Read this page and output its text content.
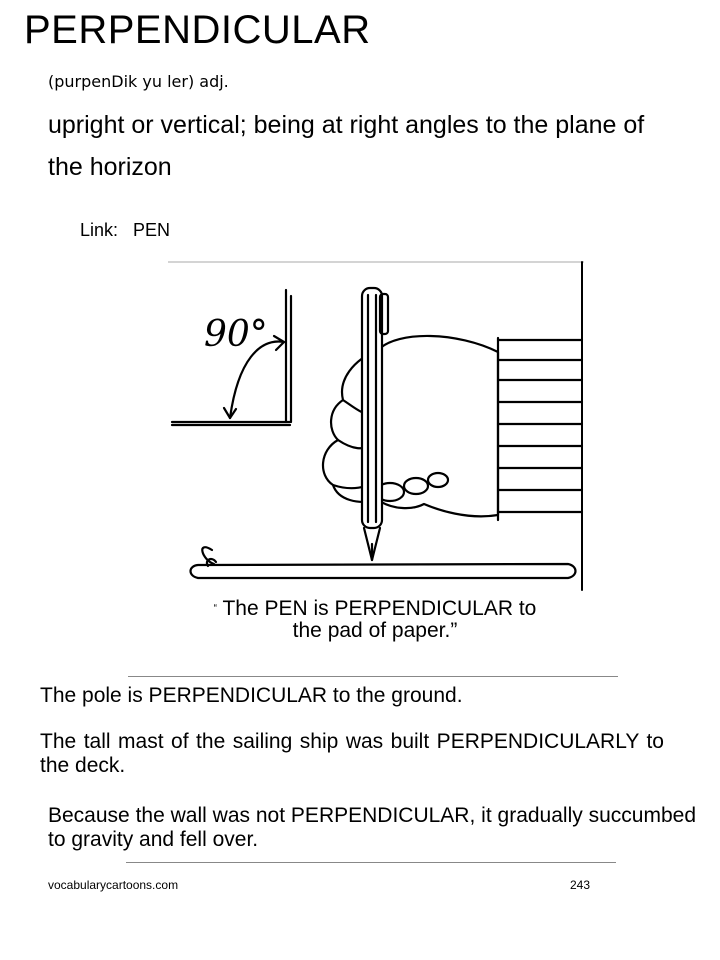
PERPENDICULAR
(purpenDik yu ler) adj.
upright or vertical; being at right angles to the plane of the horizon
Link: PEN
90°
“ The PEN is PERPENDICULAR to
the pad of paper.”
The pole is PERPENDICULAR to the ground.
The tall mast of the sailing ship was built PERPENDICULARLY to the deck.
Because the wall was not PERPENDICULAR, it gradually succumbed to gravity and fell over.
vocabularycartoons.com	243
